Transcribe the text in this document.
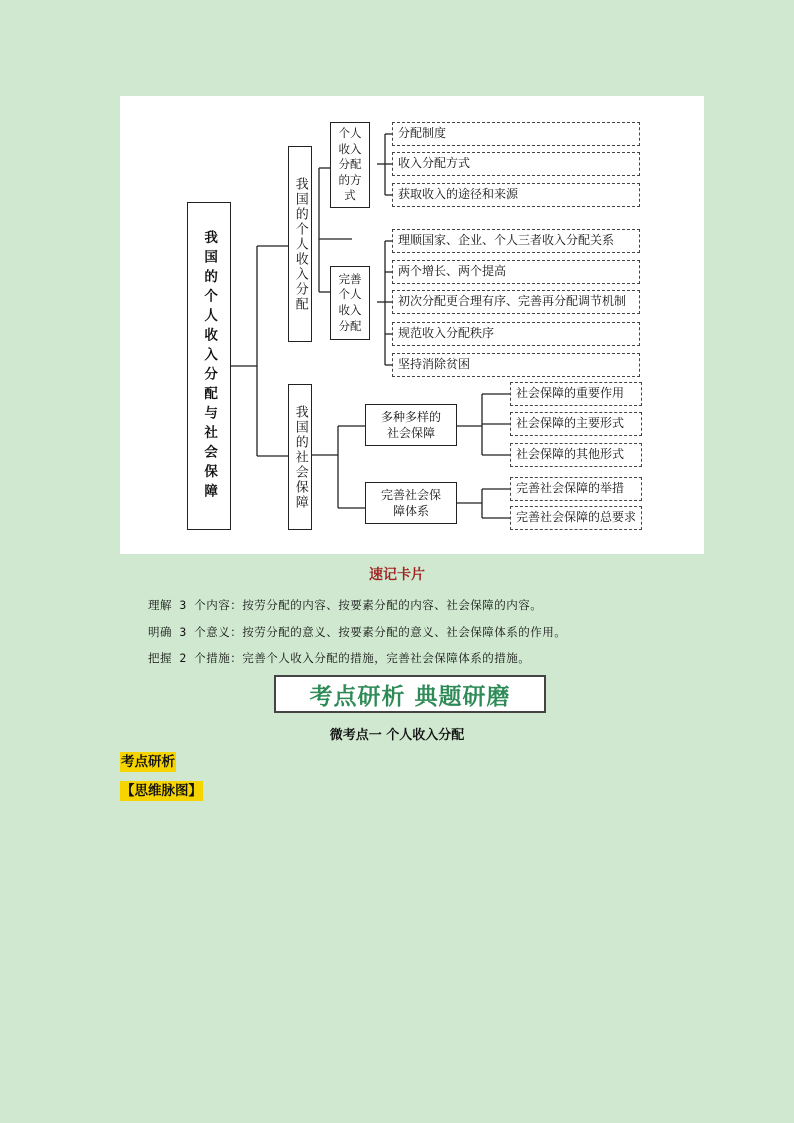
我国的个人收入分配与社会保障	我国的个人收入分配
我国的社会保障
个人收入分配的方式
完善个人收入分配
分配制度
收入分配方式
获取收入的途径和来源
理顺国家、企业、个人三者收入分配关系
两个增长、两个提高
初次分配更合理有序、完善再分配调节机制
规范收入分配秩序
坚持消除贫困
多种多样的社会保障
完善社会保障体系
社会保障的重要作用
社会保障的主要形式
社会保障的其他形式
完善社会保障的举措
完善社会保障的总要求
速记卡片
理解 3 个内容：按劳分配的内容、按要素分配的内容、社会保障的内容。
明确 3 个意义：按劳分配的意义、按要素分配的意义、社会保障体系的作用。
把握 2 个措施：完善个人收入分配的措施，完善社会保障体系的措施。
考点研析 典题研磨
微考点一 个人收入分配
考点研析
【思维脉图】
